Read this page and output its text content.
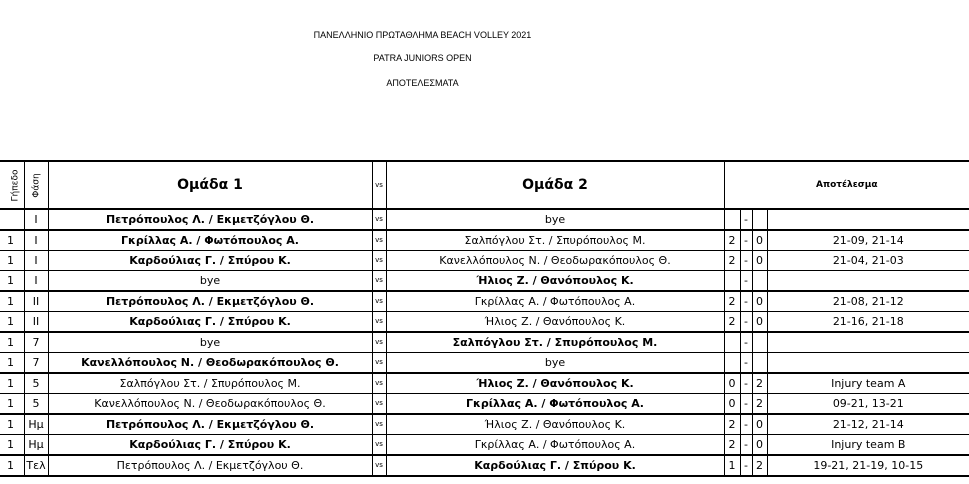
ΠΑΝΕΛΛΗΝΙΟ ΠΡΩΤΑΘΛΗΜΑ BEACH VOLLEY 2021
PATRA JUNIORS OPEN
ΑΠΟΤΕΛΕΣΜΑΤΑ
Γήπεδο	Φάση	Ομάδα 1	vs	Ομάδα 2	Αποτέλεσμα			
	I	Πετρόπουλος Λ. / Εκμετζόγλου Θ.	vs	bye		-		
1	I	Γκρίλλας Α. / Φωτόπουλος Α.	vs	Σαλπόγλου Στ. / Σπυρόπουλος Μ.	2	-	0	21-09, 21-14
1	I	Καρδούλιας Γ. / Σπύρου Κ.	vs	Κανελλόπουλος Ν. / Θεοδωρακόπουλος Θ.	2	-	0	21-04, 21-03
1	I	bye	vs	Ήλιος Ζ. / Θανόπουλος Κ.		-		
1	II	Πετρόπουλος Λ. / Εκμετζόγλου Θ.	vs	Γκρίλλας Α. / Φωτόπουλος Α.	2	-	0	21-08, 21-12
1	II	Καρδούλιας Γ. / Σπύρου Κ.	vs	Ήλιος Ζ. / Θανόπουλος Κ.	2	-	0	21-16, 21-18
1	7	bye	vs	Σαλπόγλου Στ. / Σπυρόπουλος Μ.		-		
1	7	Κανελλόπουλος Ν. / Θεοδωρακόπουλος Θ.	vs	bye		-		
1	5	Σαλπόγλου Στ. / Σπυρόπουλος Μ.	vs	Ήλιος Ζ. / Θανόπουλος Κ.	0	-	2	Injury team A
1	5	Κανελλόπουλος Ν. / Θεοδωρακόπουλος Θ.	vs	Γκρίλλας Α. / Φωτόπουλος Α.	0	-	2	09-21, 13-21
1	Ημ	Πετρόπουλος Λ. / Εκμετζόγλου Θ.	vs	Ήλιος Ζ. / Θανόπουλος Κ.	2	-	0	21-12, 21-14
1	Ημ	Καρδούλιας Γ. / Σπύρου Κ.	vs	Γκρίλλας Α. / Φωτόπουλος Α.	2	-	0	Injury team B
1	Τελ	Πετρόπουλος Λ. / Εκμετζόγλου Θ.	vs	Καρδούλιας Γ. / Σπύρου Κ.	1	-	2	19-21, 21-19, 10-15
